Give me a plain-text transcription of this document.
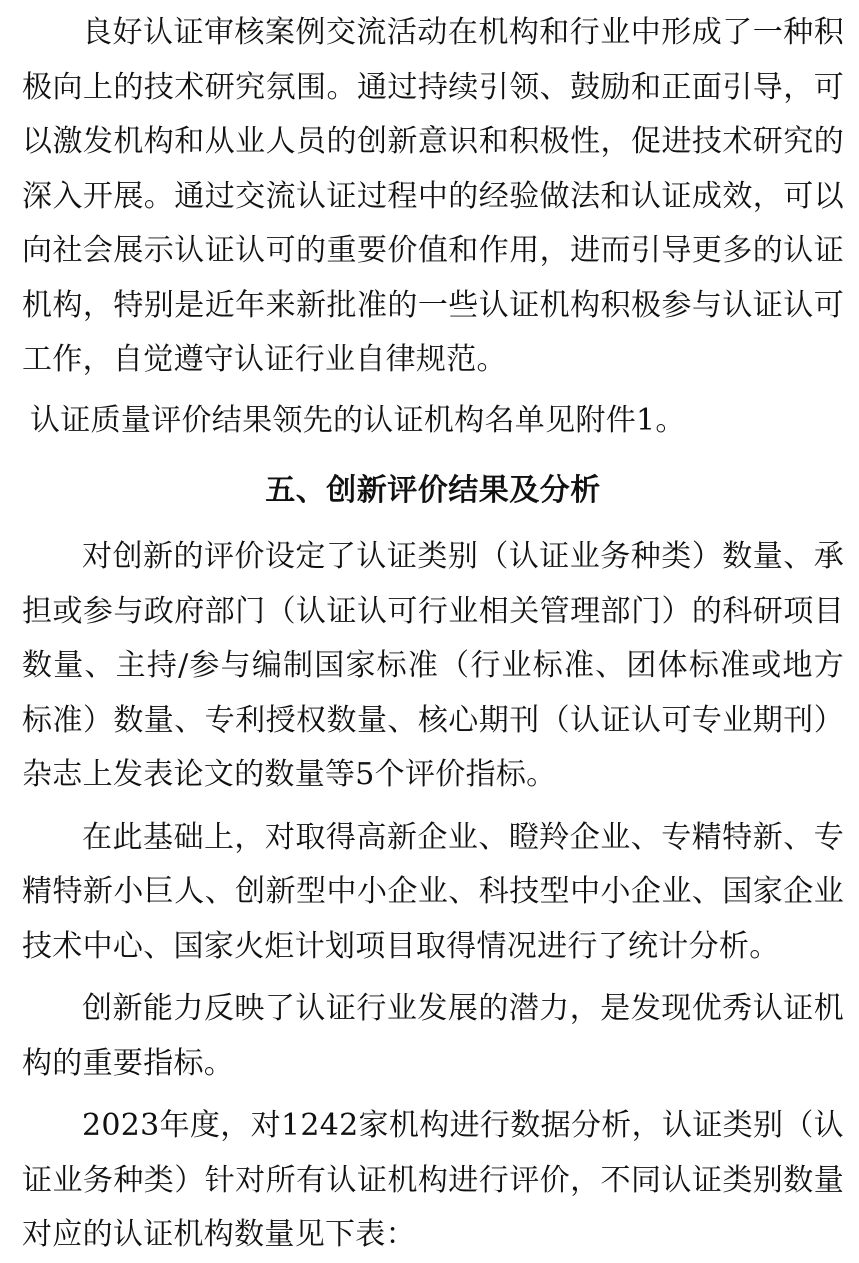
良好认证审核案例交流活动在机构和行业中形成了一种积极向上的技术研究氛围。通过持续引领、鼓励和正面引导，可以激发机构和从业人员的创新意识和积极性，促进技术研究的深入开展。通过交流认证过程中的经验做法和认证成效，可以向社会展示认证认可的重要价值和作用，进而引导更多的认证机构，特别是近年来新批准的一些认证机构积极参与认证认可工作，自觉遵守认证行业自律规范。

认证质量评价结果领先的认证机构名单见附件1。

五、创新评价结果及分析

对创新的评价设定了认证类别（认证业务种类）数量、承担或参与政府部门（认证认可行业相关管理部门）的科研项目数量、主持/参与编制国家标准（行业标准、团体标准或地方标准）数量、专利授权数量、核心期刊（认证认可专业期刊）杂志上发表论文的数量等5个评价指标。

在此基础上，对取得高新企业、瞪羚企业、专精特新、专精特新小巨人、创新型中小企业、科技型中小企业、国家企业技术中心、国家火炬计划项目取得情况进行了统计分析。

创新能力反映了认证行业发展的潜力，是发现优秀认证机构的重要指标。

2023年度，对1242家机构进行数据分析，认证类别（认证业务种类）针对所有认证机构进行评价，不同认证类别数量对应的认证机构数量见下表：
